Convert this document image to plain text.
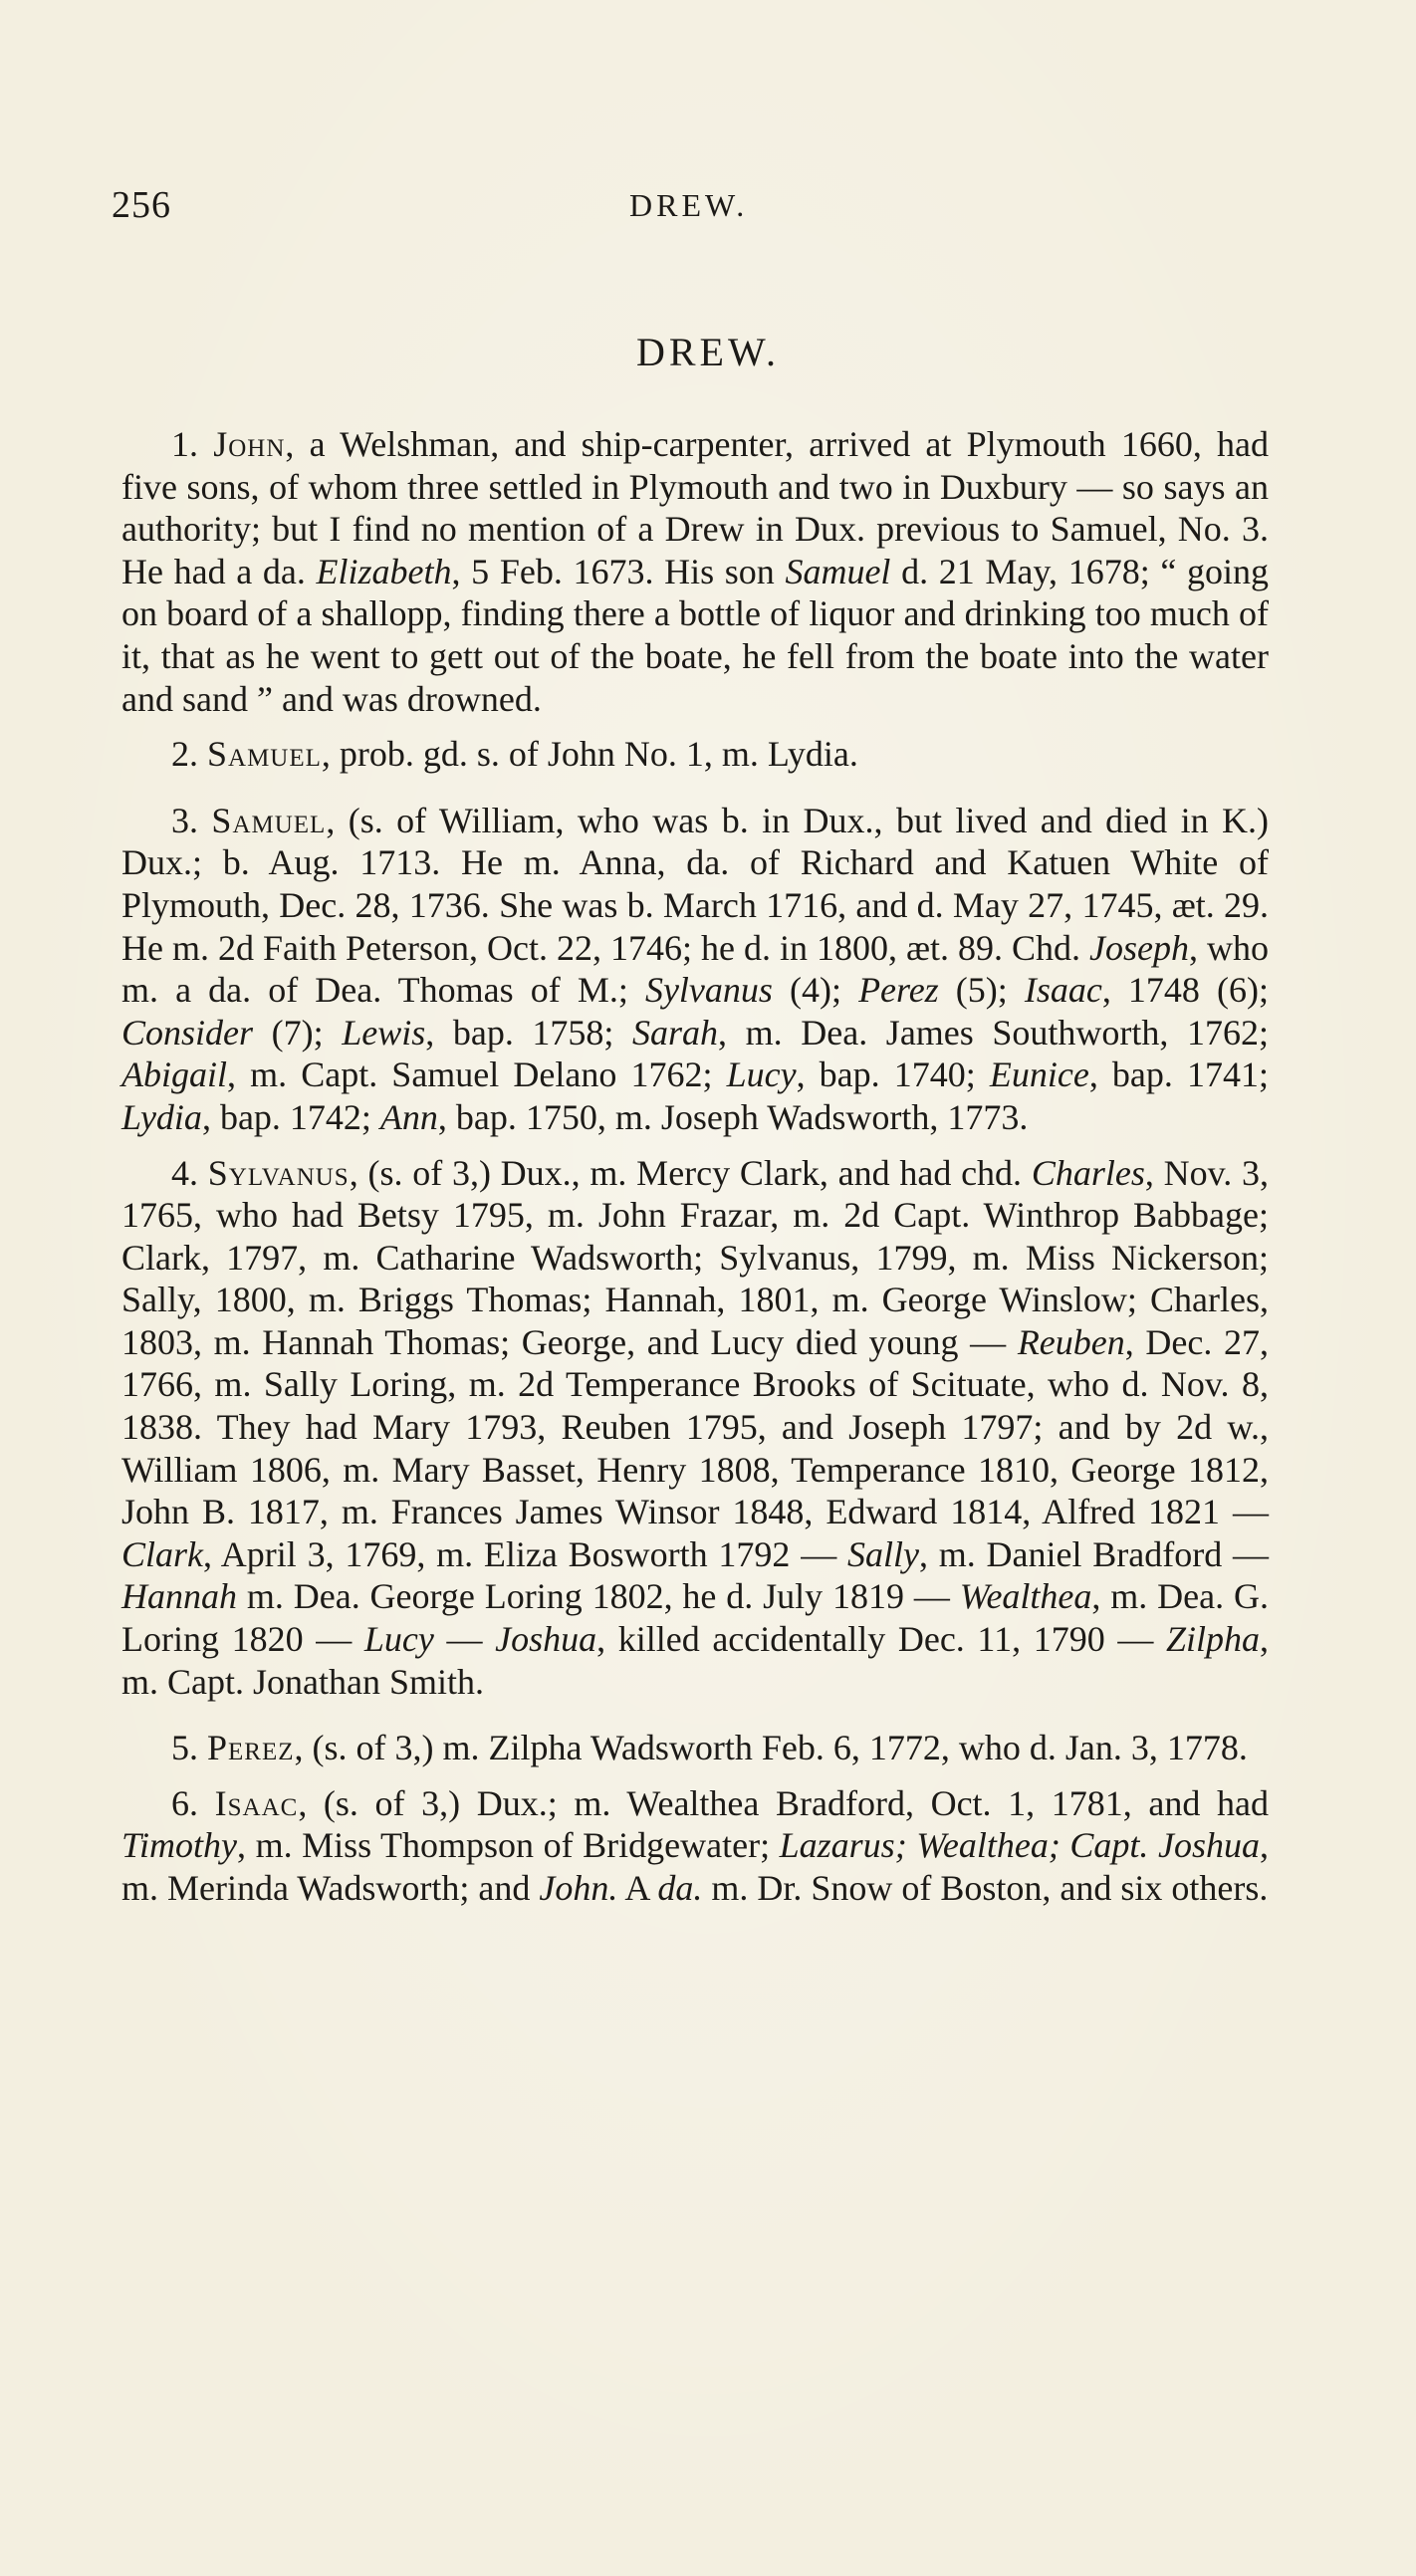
256	DREW.
DREW.

1. John, a Welshman, and ship-carpenter, arrived at Plymouth 1660, had five sons, of whom three settled in Plymouth and two in Duxbury — so says an authority; but I find no mention of a Drew in Dux. previous to Samuel, No. 3. He had a da. Elizabeth, 5 Feb. 1673. His son Samuel d. 21 May, 1678; “ going on board of a shallopp, finding there a bottle of liquor and drinking too much of it, that as he went to gett out of the boate, he fell from the boate into the water and sand ” and was drowned.

2. Samuel, prob. gd. s. of John No. 1, m. Lydia.

3. Samuel, (s. of William, who was b. in Dux., but lived and died in K.) Dux.; b. Aug. 1713. He m. Anna, da. of Richard and Katuen White of Plymouth, Dec. 28, 1736. She was b. March 1716, and d. May 27, 1745, æt. 29. He m. 2d Faith Peterson, Oct. 22, 1746; he d. in 1800, æt. 89. Chd. Joseph, who m. a da. of Dea. Thomas of M.; Sylvanus (4); Perez (5); Isaac, 1748 (6); Consider (7); Lewis, bap. 1758; Sarah, m. Dea. James Southworth, 1762; Abigail, m. Capt. Samuel Delano 1762; Lucy, bap. 1740; Eunice, bap. 1741; Lydia, bap. 1742; Ann, bap. 1750, m. Joseph Wadsworth, 1773.

4. Sylvanus, (s. of 3,) Dux., m. Mercy Clark, and had chd. Charles, Nov. 3, 1765, who had Betsy 1795, m. John Frazar, m. 2d Capt. Winthrop Babbage; Clark, 1797, m. Catharine Wadsworth; Sylvanus, 1799, m. Miss Nickerson; Sally, 1800, m. Briggs Thomas; Hannah, 1801, m. George Winslow; Charles, 1803, m. Hannah Thomas; George, and Lucy died young — Reuben, Dec. 27, 1766, m. Sally Loring, m. 2d Temperance Brooks of Scituate, who d. Nov. 8, 1838. They had Mary 1793, Reuben 1795, and Joseph 1797; and by 2d w., William 1806, m. Mary Basset, Henry 1808, Temperance 1810, George 1812, John B. 1817, m. Frances James Winsor 1848, Edward 1814, Alfred 1821 — Clark, April 3, 1769, m. Eliza Bosworth 1792 — Sally, m. Daniel Bradford — Hannah m. Dea. George Loring 1802, he d. July 1819 — Wealthea, m. Dea. G. Loring 1820 — Lucy — Joshua, killed accidentally Dec. 11, 1790 — Zilpha, m. Capt. Jonathan Smith.

5. Perez, (s. of 3,) m. Zilpha Wadsworth Feb. 6, 1772, who d. Jan. 3, 1778.

6. Isaac, (s. of 3,) Dux.; m. Wealthea Bradford, Oct. 1, 1781, and had Timothy, m. Miss Thompson of Bridgewater; Lazarus; Wealthea; Capt. Joshua, m. Merinda Wadsworth; and John. A da. m. Dr. Snow of Boston, and six others.
